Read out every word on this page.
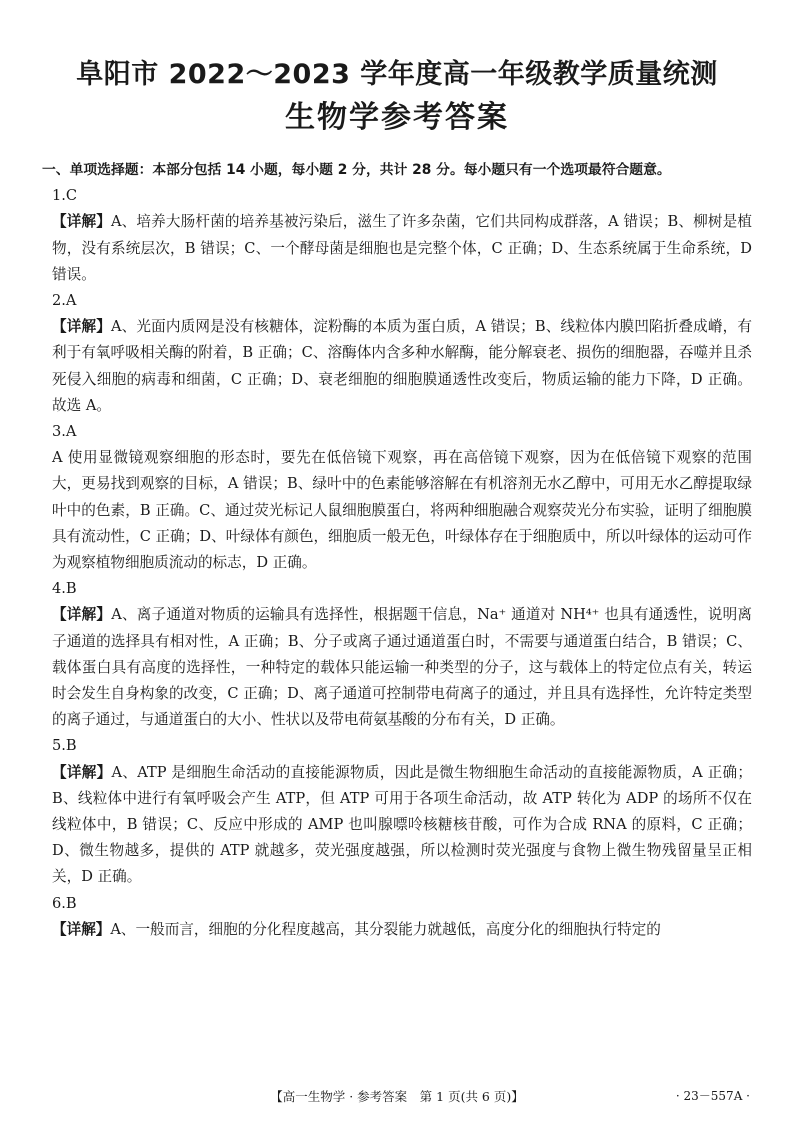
阜阳市 2022～2023 学年度高一年级教学质量统测
生物学参考答案
一、单项选择题：本部分包括 14 小题，每小题 2 分，共计 28 分。每小题只有一个选项最符合题意。
1.C

【详解】A、培养大肠杆菌的培养基被污染后，滋生了许多杂菌，它们共同构成群落，A 错误；B、柳树是植物，没有系统层次，B 错误；C、一个酵母菌是细胞也是完整个体，C 正确；D、生态系统属于生命系统，D 错误。

2.A

【详解】A、光面内质网是没有核糖体，淀粉酶的本质为蛋白质，A 错误；B、线粒体内膜凹陷折叠成嵴，有利于有氧呼吸相关酶的附着，B 正确；C、溶酶体内含多种水解酶，能分解衰老、损伤的细胞器，吞噬并且杀死侵入细胞的病毒和细菌，C 正确；D、衰老细胞的细胞膜通透性改变后，物质运输的能力下降，D 正确。故选 A。

3.A

A 使用显微镜观察细胞的形态时，要先在低倍镜下观察，再在高倍镜下观察，因为在低倍镜下观察的范围大，更易找到观察的目标，A 错误；B、绿叶中的色素能够溶解在有机溶剂无水乙醇中，可用无水乙醇提取绿叶中的色素，B 正确。C、通过荧光标记人鼠细胞膜蛋白，将两种细胞融合观察荧光分布实验，证明了细胞膜具有流动性，C 正确；D、叶绿体有颜色，细胞质一般无色，叶绿体存在于细胞质中，所以叶绿体的运动可作为观察植物细胞质流动的标志，D 正确。

4.B

【详解】A、离子通道对物质的运输具有选择性，根据题干信息，Na⁺ 通道对 NH⁴⁺ 也具有通透性，说明离子通道的选择具有相对性，A 正确；B、分子或离子通过通道蛋白时，不需要与通道蛋白结合，B 错误；C、载体蛋白具有高度的选择性，一种特定的载体只能运输一种类型的分子，这与载体上的特定位点有关，转运时会发生自身构象的改变，C 正确；D、离子通道可控制带电荷离子的通过，并且具有选择性，允许特定类型的离子通过，与通道蛋白的大小、性状以及带电荷氨基酸的分布有关，D 正确。

5.B

【详解】A、ATP 是细胞生命活动的直接能源物质，因此是微生物细胞生命活动的直接能源物质，A 正确；B、线粒体中进行有氧呼吸会产生 ATP，但 ATP 可用于各项生命活动，故 ATP 转化为 ADP 的场所不仅在线粒体中，B 错误；C、反应中形成的 AMP 也叫腺嘌呤核糖核苷酸，可作为合成 RNA 的原料，C 正确；D、微生物越多，提供的 ATP 就越多，荧光强度越强，所以检测时荧光强度与食物上微生物残留量呈正相关，D 正确。

6.B

【详解】A、一般而言，细胞的分化程度越高，其分裂能力就越低，高度分化的细胞执行特定的

【高一生物学 · 参考答案　第 1 页(共 6 页)】	· 23－557A ·
